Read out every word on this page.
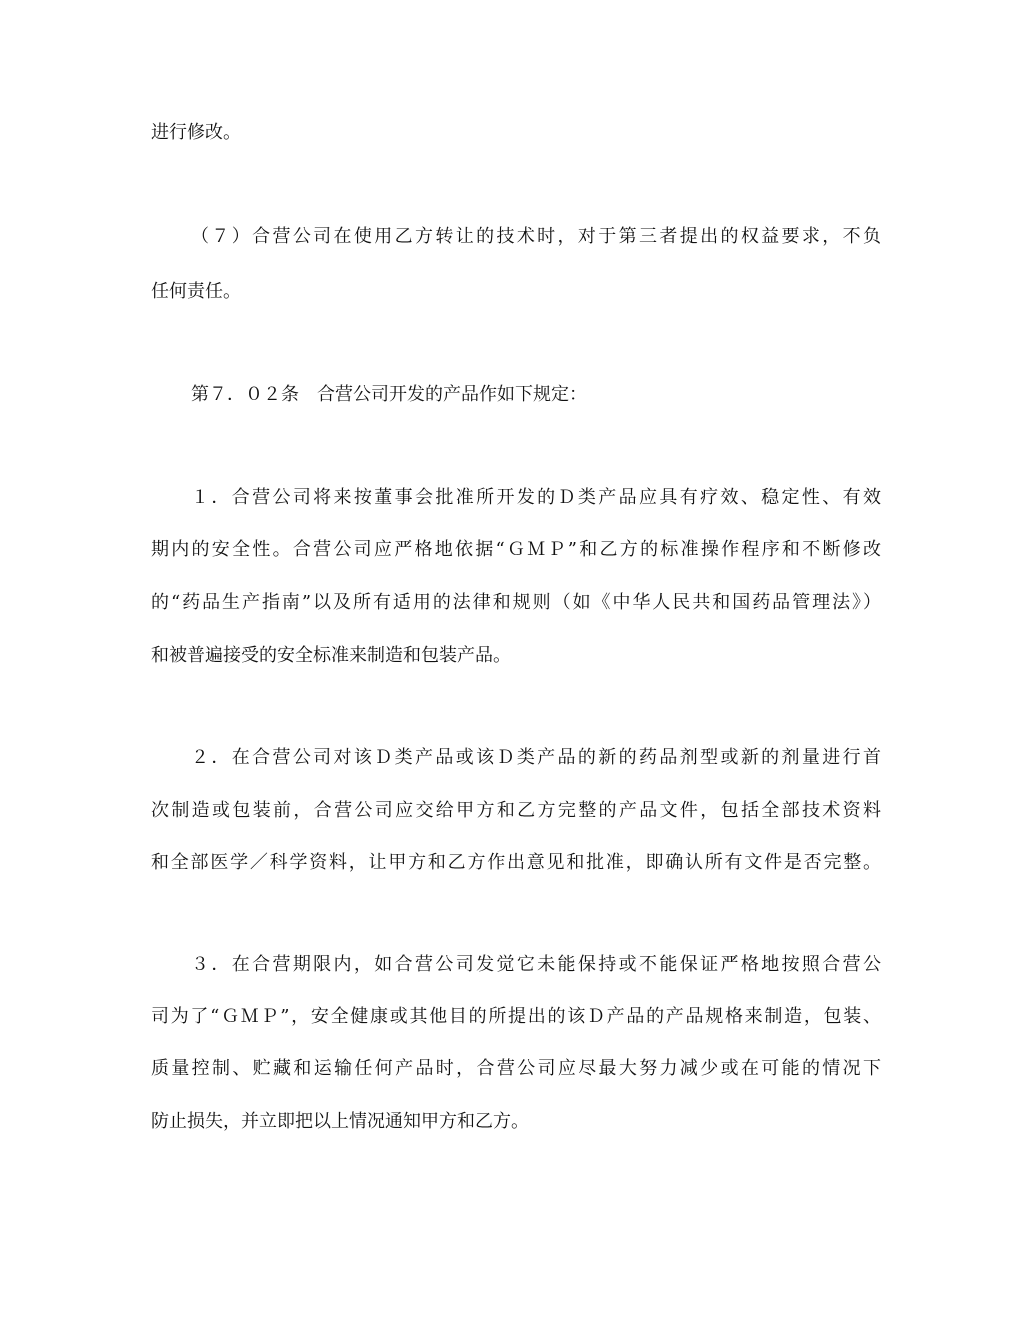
进行修改。
（７）合营公司在使用乙方转让的技术时，对于第三者提出的权益要求，不负
任何责任。
第７．０２条　合营公司开发的产品作如下规定：
１．合营公司将来按董事会批准所开发的Ｄ类产品应具有疗效、稳定性、有效
期内的安全性。合营公司应严格地依据“ＧＭＰ”和乙方的标准操作程序和不断修改
的“药品生产指南”以及所有适用的法律和规则（如《中华人民共和国药品管理法》）
和被普遍接受的安全标准来制造和包装产品。
２．在合营公司对该Ｄ类产品或该Ｄ类产品的新的药品剂型或新的剂量进行首
次制造或包装前，合营公司应交给甲方和乙方完整的产品文件，包括全部技术资料
和全部医学／科学资料，让甲方和乙方作出意见和批准，即确认所有文件是否完整。
３．在合营期限内，如合营公司发觉它未能保持或不能保证严格地按照合营公
司为了“ＧＭＰ”，安全健康或其他目的所提出的该Ｄ产品的产品规格来制造，包装、
质量控制、贮藏和运输任何产品时，合营公司应尽最大努力减少或在可能的情况下
防止损失，并立即把以上情况通知甲方和乙方。
